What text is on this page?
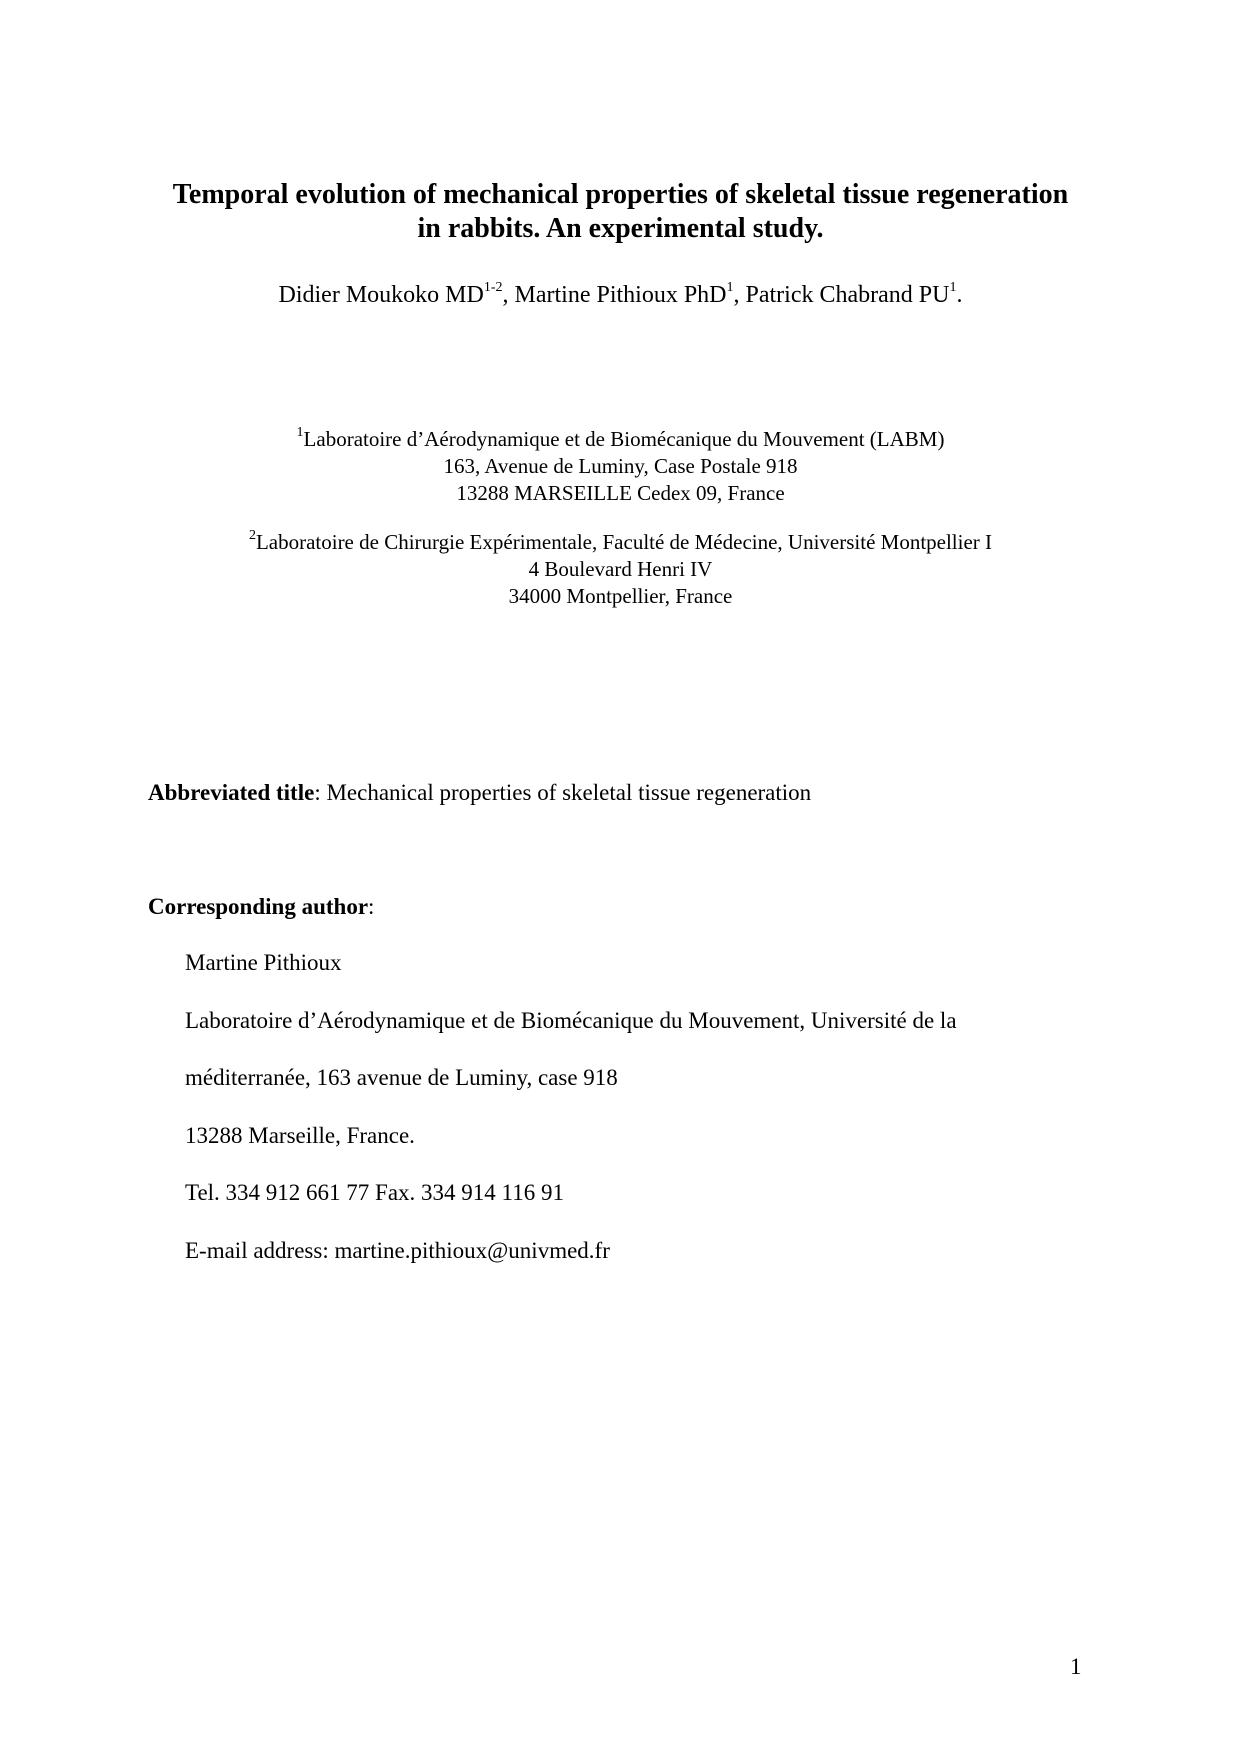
Temporal evolution of mechanical properties of skeletal tissue regeneration
in rabbits. An experimental study.

Didier Moukoko MD$^{1-2}$, Martine Pithioux PhD$^1$, Patrick Chabrand $PU^1$.

$^1$Laboratoire d’Aérodynamique et de Biomécanique du Mouvement (LABM)
163, Avenue de Luminy, Case Postale 918
13288 MARSEILLE Cedex 09, France
$^2$Laboratoire de Chirurgie Expérimentale, Faculté de Médecine, Université Montpellier I
4 Boulevard Henri IV
34000 Montpellier, France

Abbreviated title: Mechanical properties of skeletal tissue regeneration

Corresponding author:

Martine Pithioux
Laboratoire d’Aérodynamique et de Biomécanique du Mouvement, Université de la
méditerranée, 163 avenue de Luminy, case 918
13288 Marseille, France.
Tel. 334 912 661 77 Fax. 334 914 116 91
E-mail address: martine.pithioux@univmed.fr
1
